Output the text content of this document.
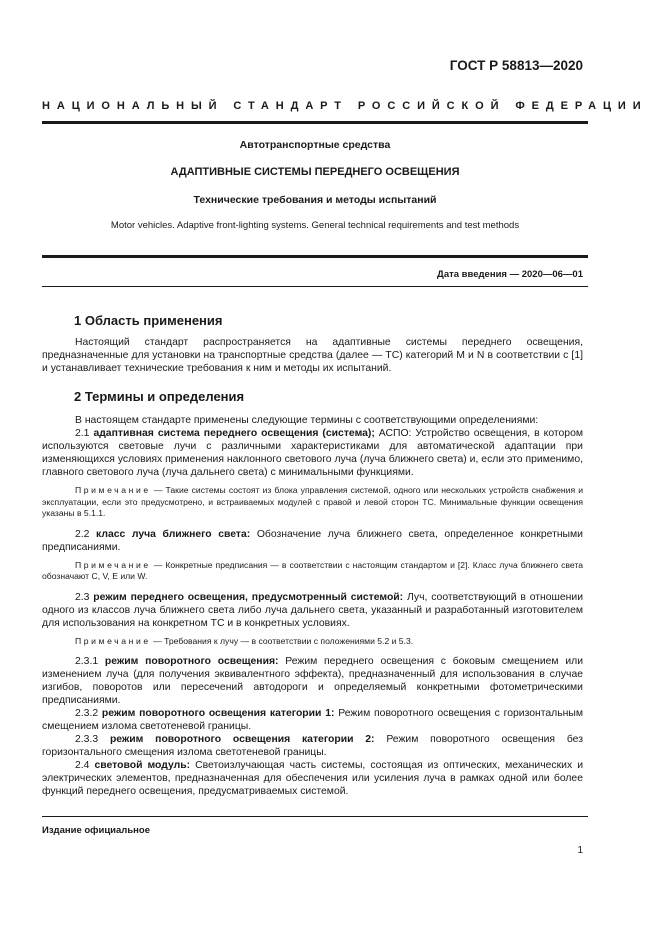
ГОСТ Р 58813—2020
НАЦИОНАЛЬНЫЙ СТАНДАРТ РОССИЙСКОЙ ФЕДЕРАЦИИ
Автотранспортные средства
АДАПТИВНЫЕ СИСТЕМЫ ПЕРЕДНЕГО ОСВЕЩЕНИЯ
Технические требования и методы испытаний
Motor vehicles. Adaptive front-lighting systems. General technical requirements and test methods
Дата введения — 2020—06—01
1 Область применения

Настоящий стандарт распространяется на адаптивные системы переднего освещения, предназначенные для установки на транспортные средства (далее — ТС) категорий M и N в соответствии с [1] и устанавливает технические требования к ним и методы их испытаний.

2 Термины и определения

В настоящем стандарте применены следующие термины с соответствующими определениями:

2.1 адаптивная система переднего освещения (система); АСПО: Устройство освещения, в котором используются световые лучи с различными характеристиками для автоматической адаптации при изменяющихся условиях применения наклонного светового луча (луча ближнего света) и, если это применимо, главного светового луча (луча дальнего света) с минимальными функциями.

Примечание — Такие системы состоят из блока управления системой, одного или нескольких устройств снабжения и эксплуатации, если это предусмотрено, и встраиваемых модулей с правой и левой сторон ТС. Минимальные функции освещения указаны в 5.1.1.

2.2 класс луча ближнего света: Обозначение луча ближнего света, определенное конкретными предписаниями.

Примечание — Конкретные предписания — в соответствии с настоящим стандартом и [2]. Класс луча ближнего света обозначают C, V, E или W.

2.3 режим переднего освещения, предусмотренный системой: Луч, соответствующий в отношении одного из классов луча ближнего света либо луча дальнего света, указанный и разработанный изготовителем для использования на конкретном ТС и в конкретных условиях.

Примечание — Требования к лучу — в соответствии с положениями 5.2 и 5.3.

2.3.1 режим поворотного освещения: Режим переднего освещения с боковым смещением или изменением луча (для получения эквивалентного эффекта), предназначенный для использования в случае изгибов, поворотов или пересечений автодороги и определяемый конкретными фотометрическими предписаниями.

2.3.2 режим поворотного освещения категории 1: Режим поворотного освещения с горизонтальным смещением излома светотеневой границы.

2.3.3 режим поворотного освещения категории 2: Режим поворотного освещения без горизонтального смещения излома светотеневой границы.

2.4 световой модуль: Светоизлучающая часть системы, состоящая из оптических, механических и электрических элементов, предназначенная для обеспечения или усиления луча в рамках одной или более функций переднего освещения, предусматриваемых системой.

Издание официальное
1
